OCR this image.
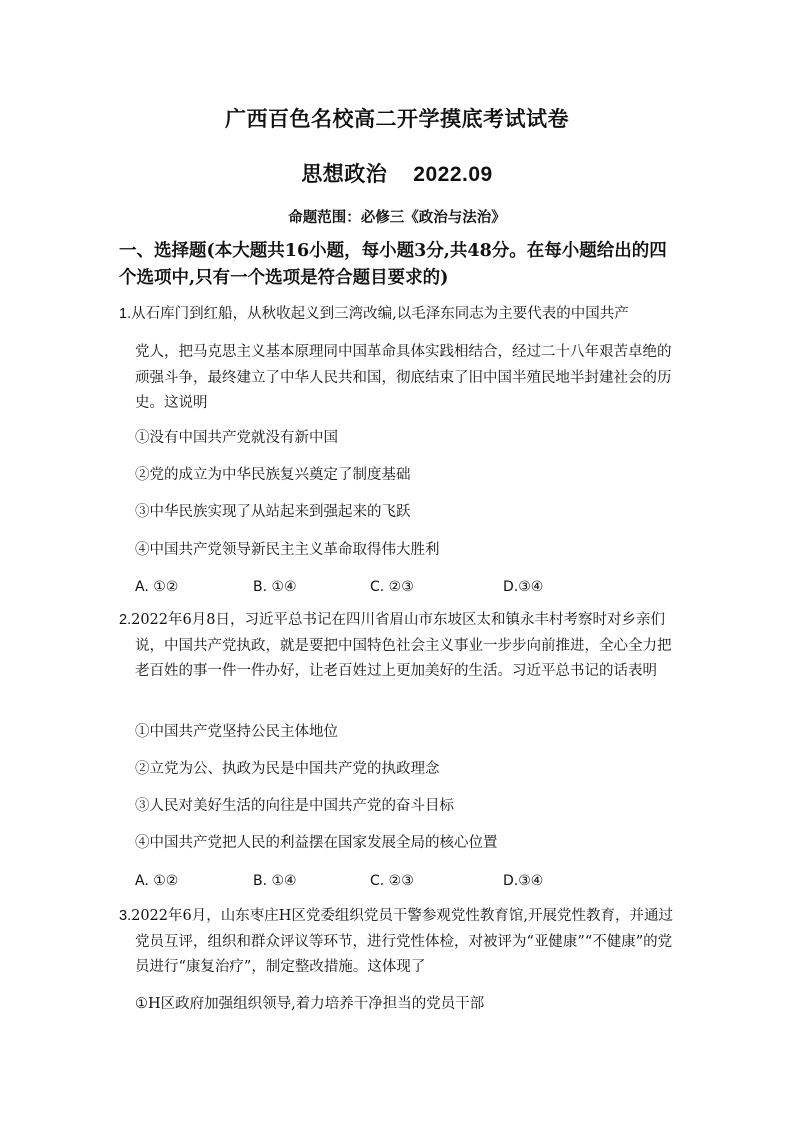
广西百色名校高二开学摸底考试试卷
思想政治 2022.09
命题范围：必修三《政治与法治》
一、选择题(本大题共16小题，每小题3分,共48分。在每小题给出的四个选项中,只有一个选项是符合题目要求的)

1.从石库门到红船，从秋收起义到三湾改编,以毛泽东同志为主要代表的中国共产

党人，把马克思主义基本原理同中国革命具体实践相结合，经过二十八年艰苦卓绝的顽强斗争，最终建立了中华人民共和国，彻底结束了旧中国半殖民地半封建社会的历史。这说明
①没有中国共产党就没有新中国
②党的成立为中华民族复兴奠定了制度基础
③中华民族实现了从站起来到强起来的飞跃
④中国共产党领导新民主主义革命取得伟大胜利
A. ①②	B. ①④	C. ②③	D.③④

2.2022年6月8日，习近平总书记在四川省眉山市东坡区太和镇永丰村考察时对乡亲们说，中国共产党执政，就是要把中国特色社会主义事业一步步向前推进，全心全力把老百姓的事一件一件办好，让老百姓过上更加美好的生活。习近平总书记的话表明

①中国共产党坚持公民主体地位
②立党为公、执政为民是中国共产党的执政理念
③人民对美好生活的向往是中国共产党的奋斗目标
④中国共产党把人民的利益摆在国家发展全局的核心位置
A. ①②	B. ①④	C. ②③	D.③④

3.2022年6月，山东枣庄H区党委组织党员干警参观党性教育馆,开展党性教育，并通过党员互评，组织和群众评议等环节，进行党性体检，对被评为“亚健康”“不健康”的党员进行“康复治疗”，制定整改措施。这体现了

①H区政府加强组织领导,着力培养干净担当的党员干部
